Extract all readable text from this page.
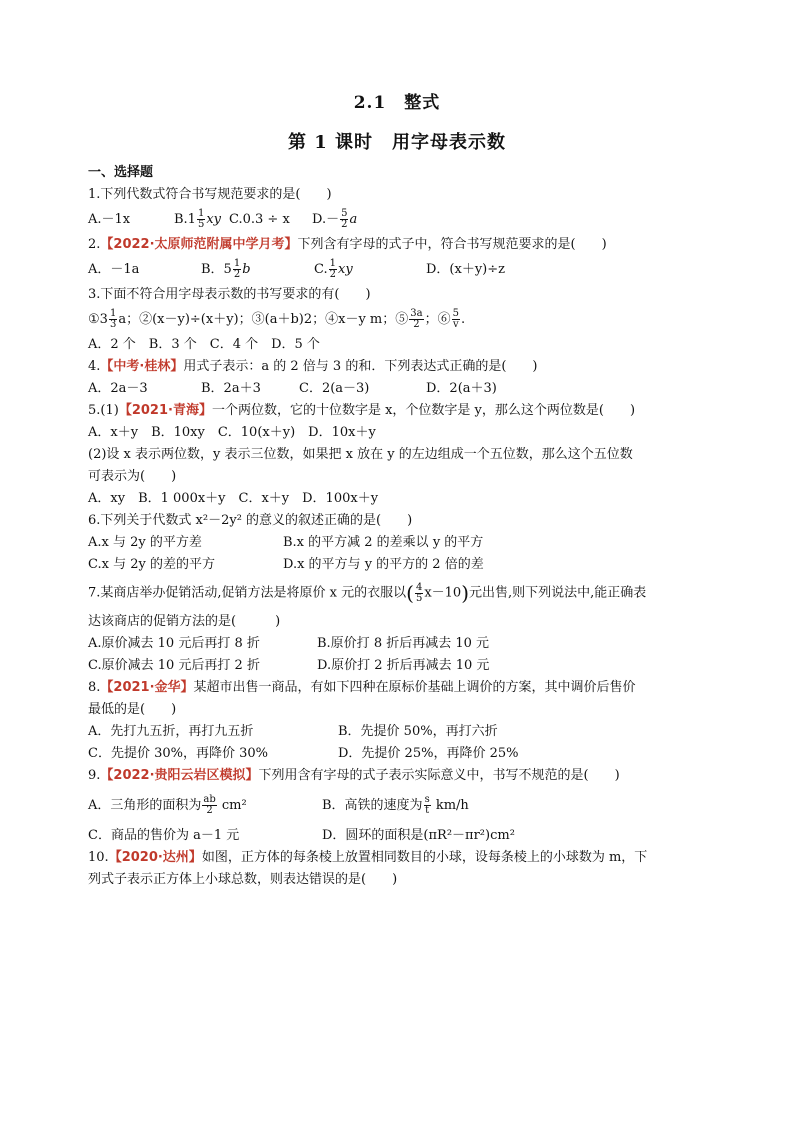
2.1　整式
第 1 课时　用字母表示数
一、选择题
1.下列代数式符合书写规范要求的是(　　)
A.－1x	$B.1 \frac{1}{5}$ xy C.0.3 ÷ x $D.- \frac{5}{2}$ a
2.【2022·太原师范附属中学月考】下列含有字母的式子中，符合书写规范要求的是(　　)
A．－1a	B．$5 \frac{1}{2}$ b	C. $\frac{1}{2}$ xy	D．(x＋y)÷z
3.下面不符合用字母表示数的书写要求的有(　　)
①3 $\frac{1}{3}$ a；②(x－y)÷(x＋y)；③(a＋b)2；④x－y m；⑤ $\frac{3a}{2}$ ；⑥ $\frac{5}{v}$ .
A．2 个　B．3 个　C．4 个　D．5 个
4.【中考·桂林】用式子表示：a 的 2 倍与 3 的和．下列表达式正确的是(　　)
A．2a－3	B．2a＋3	C．2(a－3)	D．2(a＋3)
5.(1)【2021·青海】一个两位数，它的十位数字是 x，个位数字是 y，那么这个两位数是(　　)
A．x＋y　B．10xy　C．10(x＋y)　D．10x＋y
(2)设 x 表示两位数，y 表示三位数，如果把 x 放在 y 的左边组成一个五位数，那么这个五位数
可表示为(　　)
A．xy　B．1 000x＋y　C．x＋y　D．100x＋y
6.下列关于代数式 x²－2y² 的意义的叙述正确的是(　　)
A.x 与 2y 的平方差	B.x 的平方减 2 的差乘以 y 的平方
C.x 与 2y 的差的平方	D.x 的平方与 y 的平方的 2 倍的差
7.某商店举办促销活动,促销方法是将原价 x 元的衣服以( $\frac{4}{5} x-10$)元出售,则下列说法中,能正确表
达该商店的促销方法的是(　　　)
A.原价减去 10 元后再打 8 折	B.原价打 8 折后再减去 10 元
C.原价减去 10 元后再打 2 折	D.原价打 2 折后再减去 10 元
8.【2021·金华】某超市出售一商品，有如下四种在原标价基础上调价的方案，其中调价后售价
最低的是(　　)
A．先打九五折，再打九五折	B．先提价 50%，再打六折
C．先提价 30%，再降价 30%	D．先提价 25%，再降价 25%
9.【2022·贵阳云岩区模拟】下列用含有字母的式子表示实际意义中，书写不规范的是(　　)
A．三角形的面积为 $\frac{ab}{2} cm^2$	B．高铁的速度为 $\frac{s}{t} km/h$
C．商品的售价为 a－1 元	D．圆环的面积是(πR²－πr²)cm²
10.【2020·达州】如图，正方体的每条棱上放置相同数目的小球，设每条棱上的小球数为 m，下
列式子表示正方体上小球总数，则表达错误的是(　　)
